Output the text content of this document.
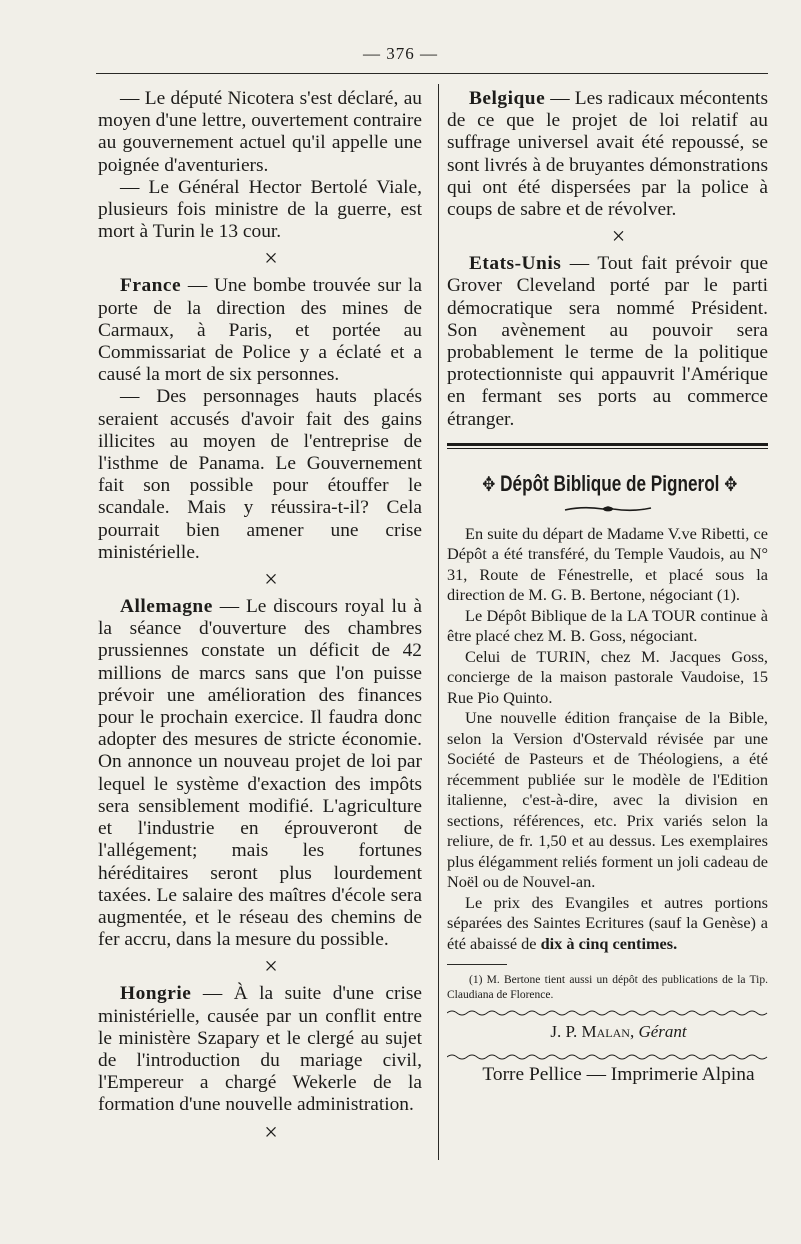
— 376 —

— Le député Nicotera s'est déclaré, au moyen d'une lettre, ouvertement contraire au gouvernement actuel qu'il appelle une poignée d'aventuriers.

— Le Général Hector Bertolé Viale, plusieurs fois ministre de la guerre, est mort à Turin le 13 cour.

×

France — Une bombe trouvée sur la porte de la direction des mines de Carmaux, à Paris, et portée au Commissariat de Police y a éclaté et a causé la mort de six personnes.

— Des personnages hauts placés seraient accusés d'avoir fait des gains illicites au moyen de l'entreprise de l'isthme de Panama. Le Gouvernement fait son possible pour étouffer le scandale. Mais y réussira-t-il? Cela pourrait bien amener une crise ministérielle.

×

Allemagne — Le discours royal lu à la séance d'ouverture des chambres prussiennes constate un déficit de 42 millions de marcs sans que l'on puisse prévoir une amélioration des finances pour le prochain exercice. Il faudra donc adopter des mesures de stricte économie. On annonce un nouveau projet de loi par lequel le système d'exaction des impôts sera sensiblement modifié. L'agriculture et l'industrie en éprouveront de l'allégement; mais les fortunes héréditaires seront plus lourdement taxées. Le salaire des maîtres d'école sera augmentée, et le réseau des chemins de fer accru, dans la mesure du possible.

×

Hongrie — À la suite d'une crise ministérielle, causée par un conflit entre le ministère Szapary et le clergé au sujet de l'introduction du mariage civil, l'Empereur a chargé Wekerle de la formation d'une nouvelle administration.

×

Belgique — Les radicaux mécontents de ce que le projet de loi relatif au suffrage universel avait été repoussé, se sont livrés à de bruyantes démonstrations qui ont été dispersées par la police à coups de sabre et de révolver.

×

Etats-Unis — Tout fait prévoir que Grover Cleveland porté par le parti démocratique sera nommé Président. Son avènement au pouvoir sera probablement le terme de la politique protectionniste qui appauvrit l'Amérique en fermant ses ports au commerce étranger.

✥ Dépôt Biblique de Pignerol ✥

En suite du départ de Madame V.ve Ribetti, ce Dépôt a été transféré, du Temple Vaudois, au N° 31, Route de Fénestrelle, et placé sous la direction de M. G. B. Bertone, négociant (1).

Le Dépôt Biblique de la LA TOUR continue à être placé chez M. B. Goss, négociant.

Celui de TURIN, chez M. Jacques Goss, concierge de la maison pastorale Vaudoise, 15 Rue Pio Quinto.

Une nouvelle édition française de la Bible, selon la Version d'Ostervald révisée par une Société de Pasteurs et de Théologiens, a été récemment publiée sur le modèle de l'Edition italienne, c'est-à-dire, avec la division en sections, références, etc. Prix variés selon la reliure, de fr. 1,50 et au dessus. Les exemplaires plus élégamment reliés forment un joli cadeau de Noël ou de Nouvel-an.

Le prix des Evangiles et autres portions séparées des Saintes Ecritures (sauf la Genèse) a été abaissé de dix à cinq centimes.

(1) M. Bertone tient aussi un dépôt des publications de la Tip. Claudiana de Florence.

J. P. Malan, Gérant

Torre Pellice — Imprimerie Alpina
